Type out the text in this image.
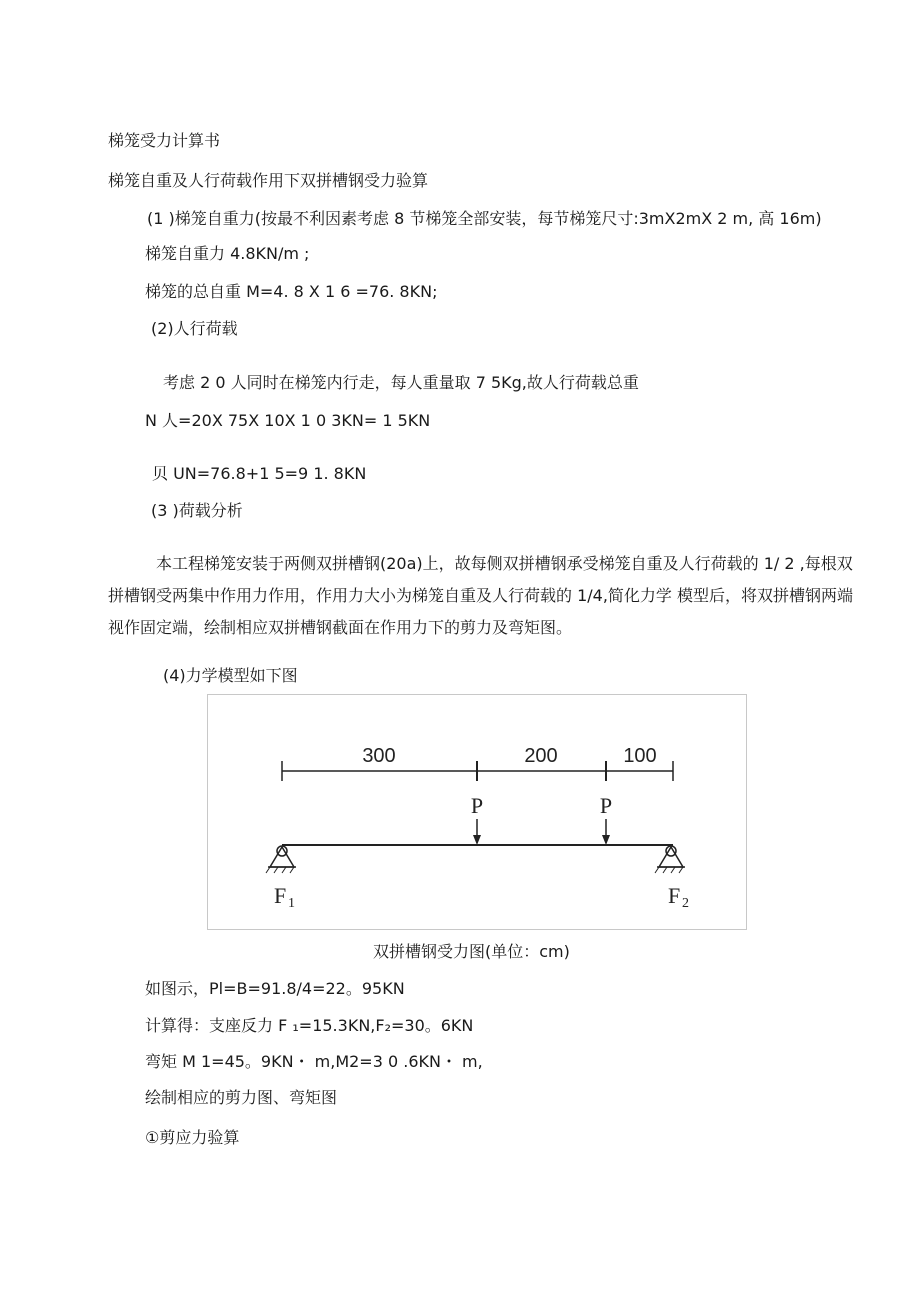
梯笼受力计算书
梯笼自重及人行荷载作用下双拼槽钢受力验算
(1 )梯笼自重力(按最不利因素考虑 8 节梯笼全部安装，每节梯笼尺寸:3mX2mX 2 m, 高 16m)
梯笼自重力 4.8KN/m ;
梯笼的总自重 M=4. 8 X 1 6 =76. 8KN;
(2)人行荷载
考虑 2 0 人同时在梯笼内行走，每人重量取 7 5Kg,故人行荷载总重
N 人=20X 75X 10X 1 0 3KN= 1 5KN
贝 UN=76.8+1 5=9 1. 8KN
(3 )荷载分析
本工程梯笼安装于两侧双拼槽钢(20a)上，故每侧双拼槽钢承受梯笼自重及人行荷载的 1/ 2 ,每根双拼槽钢受两集中作用力作用，作用力大小为梯笼自重及人行荷载的 1/4,简化力学 模型后，将双拼槽钢两端视作固定端，绘制相应双拼槽钢截面在作用力下的剪力及弯矩图。
(4)力学模型如下图
300	200	100
P	P
F 1	F 2
双拼槽钢受力图(单位：cm)
如图示，Pl=B=91.8/4=22。95KN
计算得：支座反力 F ₁=15.3KN,F₂=30。6KN
弯矩 M 1=45。9KN・ m,M2=3 0 .6KN・ m,
绘制相应的剪力图、弯矩图
①剪应力验算
